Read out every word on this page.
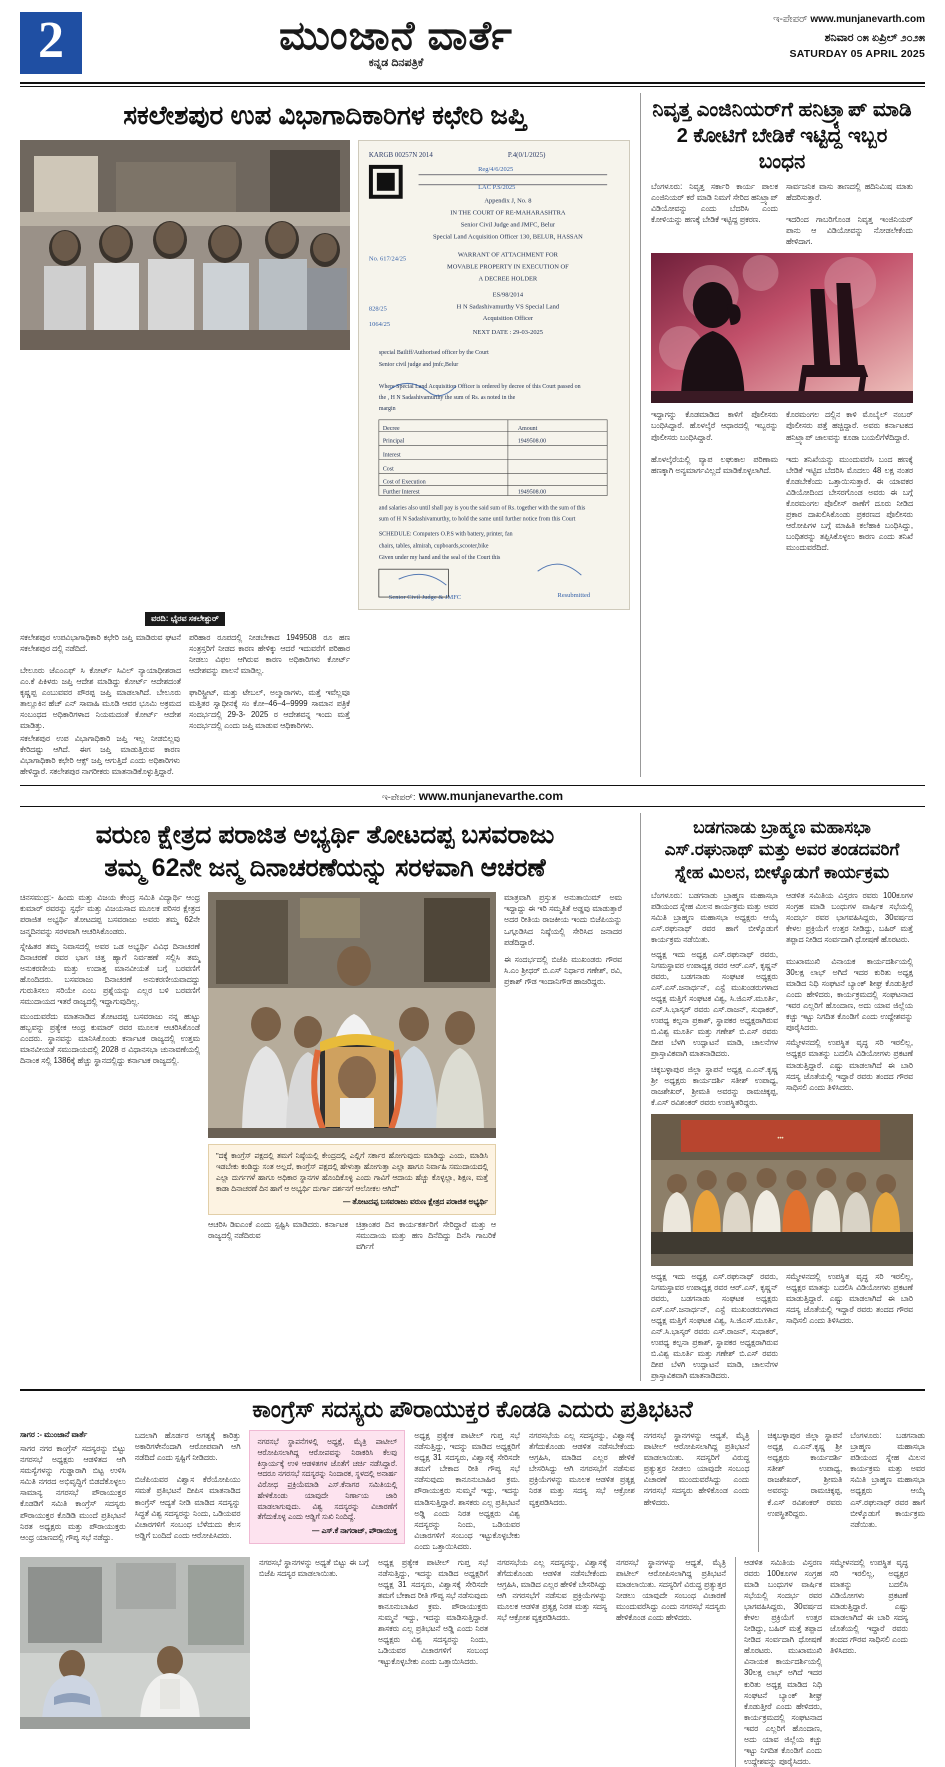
2	ಮುಂಜಾನೆ ವಾರ್ತೆ
ಕನ್ನಡ ದಿನಪತ್ರಿಕೆ
ಇ-ಪೇಪರ್ www.munjanevarth.com
ಶನಿವಾರ ೦೫ ಏಪ್ರಿಲ್ ೨೦೨೫
SATURDAY 05 APRIL 2025
ಸಕಲೇಶಪುರ ಉಪ ವಿಭಾಗಾದಿಕಾರಿಗಳ ಕಛೇರಿ ಜಪ್ತಿ
KARGB 00257N 2014	P.4(0/1/2025)
Appendix J, No. 8
IN THE COURT OF RE-MAHARASHTRA
Senior Civil Judge and JMFC, Belur
Special Land Acquisition Officer 130, BELUR, HASSAN
WARRANT OF ATTACHMENT FOR
MOVABLE PROPERTY IN EXECUTION OF
A DECREE HOLDER
ES/98/2014
H N Sadashivamurthy VS Special Land
Acquisition Officer
NEXT DATE : 29-03-2025
special Bailiff/Authorised officer by the Court
Senior civil judge and jmfc,Belur
Where Special Land Acquisition Officer is ordered by decree of this Court passed on
the , H N Sadashivamurthy the sum of Rs. as noted in the
margin
Decree	Amount
Principal	1949508.00
Interest
Cost
Cost of Execution
Further Interest	1949508.00
and salaries also until shall pay is you the said sum of Rs. together with the sum of this
sum of H N Sadashivamurthy, to hold the same until further notice from this Court
SCHEDULE: Computers O.P.S with battery, printer, fan
chairs, tables, almirah, cupboards,scooter,bike
Given under my hand and the seal of the Court this
Reg/4/6/2025
LAC P.S/2025
No. 617/24/25
828/25
1064/25
Senior Civil Judge & JMFC	Resubmitted
ವರದಿ: ಭೈರವ ಸಕಲೇಶ್ಪುರ್
ಸಕಲೇಶಪುರ ಉಪವಿಭಾಗಾಧಿಕಾರಿ ಕಛೇರಿ ಜಪ್ತಿ ಮಾಡಿರುವ ಘಟನೆ ಸಕಲೇಶಪುರ ದಲ್ಲಿ ನಡೆದಿದೆ.

ಬೇಲೂರು ಜೆಎಂಎಫ್ ಸಿ ಕೋರ್ಟ್ ಸಿವಿಲ್ ನ್ಯಾಯಾಧೀಶರಾದ ಎಂ.ಕೆ ಪಿಕಿಳರು ಜಪ್ತಿ ಆದೇಶ ಮಾಡಿದ್ದು ಕೋರ್ಟ್ ಆದೇಶದಂತೆ ಕೃಷ್ಣಪ್ಪ ಎಂಬುವವರ ಪೌರಪ್ಪ ಜಪ್ತಿ ಮಾಡಲಾಗಿದೆ. ಬೇಲೂರು ತಾಲ್ಲೂಕಿನ ಹೆಚ್ ಎನ್ ಸಾವಾಹಿ ಮೂಡಿ ಆವರ ಭೂಮಿ ಅಕ್ರಮದ ಸಂಬಂಧದ ಅಧಿಕಾರಿಗಳಾದ ನಿಯಮದಂತೆ ಕೋರ್ಟ್ ಆದೇಶ ಮಾಡಿತ್ತು.
ಪರಿಹಾರ ರೂಪದಲ್ಲಿ ನೀಡಬೇಕಾದ 1949508 ರೂ ಹಣ ಸಂತ್ರಸ್ತರಿಗೆ ನೀಡದ ಕಾರಣ ಹೇಳಿಕ್ಕು ಆದರೆ ಇದುವರೆಗೆ ಪರಿಹಾರ ನೀಡಲು ವಿಫಲ ಆಗಿರುವ ಕಾರಣ ಅಧಿಕಾರಿಗಳು ಕೋರ್ಟ್ ಆದೇಶವನ್ನು ಪಾಲನೆ ಮಾಡಿಲ್ಲ.

ಘಾರಿಸ್ಟ್ರೀಟ್, ಮತ್ತು ಟೇಬಲ್, ಅಲ್ಮಾರಾಗಳು, ಮತ್ತೆ ಇವೆಲ್ಲವೂ ಮತ್ತಿತರ ಸ್ವಾಧೀನಕ್ಕೆ ಸಂ ಕೋ–46–4–9999 ಸಾಮಾನ ಪತ್ರಿಕೆ ಸಂದರ್ಭದಲ್ಲಿ 29-3- 2025 ರ ಆದೇಶವನ್ನ ಇಂದು ಮತ್ತೆ ಸಂದರ್ಭದಲ್ಲಿ ಎಂದು ಜಪ್ತಿ ಮಾಡುವ ಆಧಿಕಾರಿಗಳು.
ಸಕಲೇಶಪುರ ಉಪ ವಿಭಾಗಾಧಿಕಾರಿ ಜಪ್ತಿ ಇಲ್ಲ ನೀಡಬಿಲ್ಲವು ಕೇರಿದಷ್ಟು ಆಗಿದೆ. ಈಗ ಜಪ್ತಿ ಮಾಡುತ್ತಿರುವ ಕಾರಣ ವಿಭಾಗಾಧಿಕಾರಿ ಕಛೇರಿ ಆಕ್ಸ್ ಜಪ್ತಿ ಆಗುತ್ತಿದೆ ಎಂದು ಅಧಿಕಾರಿಗಳು ಹೇಳಿದ್ದಾರೆ. ಸಕಲೇಶಪುರ ನಾಗರೀಕರು ಮಾತನಾಡಿಕೊಳ್ಳುತ್ತಿದ್ದಾರೆ.
ನಿವೃತ್ತ ಎಂಜಿನಿಯರ್‌ಗೆ ಹನಿಟ್ರ್ಯಾಪ್ ಮಾಡಿ 2 ಕೋಟಿಗೆ ಬೇಡಿಕೆ ಇಟ್ಟಿದ್ದ ಇಬ್ಬರ ಬಂಧನ
ಬೆಂಗಳೂರು: ನಿವೃತ್ತ ಸರ್ಕಾರಿ ಕಾರ್ಯ ಪಾಲಕ ಎಂಜಿನಿಯರ್ ಕರೆ ಮಾಡಿ ನಿಮಗೆ ಸೇರಿದ ಹನಿಟ್ರ್ಯಾಪ್ ವಿಡಿಯೋವನ್ನು ಎಂದು ಬೆದರಿಸಿ ಎಂದು ಕೋಳಿಯನ್ನು ಹಣಕ್ಕೆ ಬೇಡಿಕೆ ಇಟ್ಟಿದ್ದ ಪ್ರಕರಣ.
ಸಾರ್ವಜನಿಕ ವಾಸು ತಾಣದಲ್ಲಿ ಹದಿನಿಮಿಷ ಮಾತು ಹೆದರಿಸುತ್ತಾರೆ.

ಇದರಿಂದ ಗಾಬರಿಗೊಂಡ ನಿವೃತ್ತ ಇಂಜಿನಿಯರ್ ಪಾನು ಆ ವಿಡಿಯೋವನ್ನು ನೋಡಲೇಕೆಂದು ಹೇಳಿದಾಗ.
ಇದ್ದಾಗನ್ನು ಕೊಡಮಾಡಿದ ಕಾಳಿಗೆ ಪೊಲೀಸರು ಬಂಧಿಸಿದ್ದಾರೆ. ಹೊಳಲ್ಕೆರೆ ಆಧಾರದಲ್ಲಿ ಇಬ್ಬರನ್ನು ಪೊಲೀಸರು ಬಂಧಿಸಿದ್ದಾರೆ.

ಹೊಳಲ್ಕೆರೆಯಲ್ಲಿ ವ್ಯಾಪ ಲಘುಕಾಲ ಪರಿಣಾಮ ಹಣಕ್ಕಾಗಿ ಅನ್ಯಮಾರ್ಗವಿಲ್ಲದೆ ಮಾಡಿಕೊಳ್ಳಲಾಗಿದೆ.
ಕೊರಮಂಗಲ ದಲ್ಲಿನ ಕಾಳಿ ಮೊಬೈಲ್ ನಂಬರ್ ಪೊಲೀಸರು ಪತ್ತೆ ಹಚ್ಚಿದ್ದಾರೆ. ಅವರು ಕರ್ನಾಟಕದ ಹನಿಟ್ರ್ಯಾಪ್ ಜಾಲವನ್ನು ಕೂಡಾ ಬಯಲಿಗೆಳೆದಿದ್ದಾರೆ.

ಇದು ತನಿಖೆಯನ್ನು ಮುಂದುವರೆಸಿ ಬಂದ ಹಣಕ್ಕೆ ಬೇಡಿಕೆ ಇಟ್ಟಿದ ಬೆದರಿಸಿ ಮೊದಲು 48 ಲಕ್ಷ ನಂತರ ಕೊಡಬೇಕೆಂದು ಒತ್ತಾಯಿಸುತ್ತಾರೆ. ಈ ಯಾವಕರ ವಿಡಿಯೋದಿಂದ ಬೇಸರಗೊಂಡ ಅವರು ಈ ಬಗ್ಗೆ ಕೊರಮಂಗಲ ಪೊಲೀಸ್ ಠಾಣೆಗೆ ದೂರು ನೀಡಿದ ಪ್ರಕಾರ ದಾಖಲಿಸಿಕೊಂಡು ಪ್ರಕರಣದ ಪೊಲೀಸರು ಆರೋಪಿಗಳ ಬಗ್ಗೆ ಮಾಹಿತಿ ಕಲೆಹಾಕಿ ಬಂಧಿಸಿದ್ದು, ಬಂಧಿತರನ್ನು ತಪ್ಪಿಸಿಕೊಳ್ಳಲು ಕಾರಣ ಎಂದು ತನಿಖೆ ಮುಂದುವರೆದಿದೆ.
ಇ-ಪೇಪರ್: www.munjanevarthe.com
ವರುಣ ಕ್ಷೇತ್ರದ ಪರಾಜಿತ ಅಭ್ಯರ್ಥಿ ತೋಟದಪ್ಪ ಬಸವರಾಜು
ತಮ್ಮ 62ನೇ ಜನ್ಮ ದಿನಾಚರಣೆಯನ್ನು ಸರಳವಾಗಿ ಆಚರಣೆ
ಚಿನಸಮುದ್ರ:- ಹಿಂದು ಮತ್ತು ವಿಜಯ ಕೇಂದ್ರ ಸಮಿತಿ ವಿದ್ಯಾರ್ಥಿ ಆಂಧ್ರ ಕುಮಾರ್ ರವರನ್ನು ಸ್ಫರ್ಧೆ ಮತ್ತು ವಿಜಯಸಾದ ಮೂಲಕ ಪರಿಸರ ಕ್ಷೇತ್ರದ ಪರಾಜಿತ ಅಭ್ಯರ್ಥಿ ತೋಟದಪ್ಪ ಬಸವರಾಜು ಅವರು ತಮ್ಮ 62ನೇ ಜನ್ಮದಿನವನ್ನು ಸರಳವಾಗಿ ಆಚರಿಸಿಕೊಂಡರು.
ಸ್ನೇಹಿತರ ತಮ್ಮ ನಿವಾಸದಲ್ಲಿ ಅವರ ಒಡ ಅಭ್ಯರ್ಥಿ ವಿವಿಧ ದಿನಾಚರಣೆ ದಿನಾಚರಣೆ ರವರ ಭಾಗ ಚಿತ್ತ ಹ್ಯಾಗೆ ನಿರ್ವಹಣೆ ಸಲ್ಲಿಸಿ ತಮ್ಮ ಅನುಕರಣೀಯ ಮತ್ತು ಉದಾತ್ತ ಮಾನವೀಯತೆ ಬಗ್ಗೆ ಬರವಣಿಗೆ ಹೊಂದಿದರು. ಬಸವರಾಜು ದಿನಾಚರಣೆ ಅನುಕರಣೀಯವಾದದ್ದು ಗುರುತಿಸಲು ಸರಿಯೇ ಎಂಬ ಪ್ರಶ್ನೆಯನ್ನು ಎಲ್ಲರ ಬಳಿ ಬರವಣಿಗೆ ಸಮುದಾಯದ ಇತರೆ ರಾಜ್ಯದಲ್ಲಿ ಇದ್ದಾಗುವುದಿಲ್ಲ.
ಮುಂದುವರೆದು ಮಾತನಾಡಿದ ತೋಟದಪ್ಪ ಬಸವರಾಜು ನನ್ನ ಹುಟ್ಟು ಹಬ್ಬವನ್ನು ಪ್ರತ್ಯೇಕ ಆಂಧ್ರ ಕುಮಾರ್ ರವರ ಮೂಲಕ ಆಚರಿಸಿಕೊಂಡೆ ಎಂದರು. ಸ್ಥಾನವನ್ನು ಮಾನಿಸಿಕೊಂಡು ಕರ್ನಾಟಕ ರಾಜ್ಯದಲ್ಲಿ ಉತ್ತಮ ಮಾನವೀಯತೆ ಸಮುದಾಯದಲ್ಲಿ 2028 ರ ವಿಧಾನಸಭಾ ಚುನಾವಣೆಯಲ್ಲಿ ದಿನಾಂಕ ಸಲ್ಲಿ 1386ಕ್ಕೆ ಹೆಚ್ಚು ಸ್ಥಾನದಲ್ಲಿದ್ದು ಕರ್ನಾಟಕ ರಾಜ್ಯದಲ್ಲಿ.
"ದಕ್ಕೆ ಕಾಂಗ್ರೆಸ್ ಪಕ್ಷದಲ್ಲಿ ತಮಗೆ ನಿಷ್ಠೆಯಲ್ಲಿ ಕೇಂದ್ರದಲ್ಲಿ ಎಲ್ಲಿಗೆ ಸರ್ಕಾರ ಹೋಗುವುದು ಮಾಡಿದ್ದು ಎಂದು, ಮಾಡಿಸಿ ಇಡಬೇಕು ಕಂಡಿದ್ದು ಸಂತ ಅಲ್ಲದೆ, ಕಾಂಗ್ರೆಸ್ ಪಕ್ಷದಲ್ಲಿ ಹೇಳುತ್ತಾ ಹೋಗುತ್ತಾ ಎಲ್ಲಾ ಹಾಗೂ ನಿರ್ವಾಹಿ ಸಮುದಾಯದಲ್ಲಿ ಎಲ್ಲಾ ದುರ್ಗಗಳೆ ಹಾಗೂ ಅಧಿಕಾರ ಸ್ಥಾನಗಳ ಹೊಂದಿಕೊಳ್ಳಿ ಎಂದು ಗಾವಿಗೆ ಆದಾಯ ಹೆಚ್ಚು ಕೊಳ್ಳಲ್ಲಾ, ಶಿಕ್ಷಣ, ಮತ್ತೆ ಕಾಡಾ ದಿನಾಚರಣೆ ದಿನ ಹಾಗೆ ಆ ಅಭ್ಯರ್ಥಿ ದುರ್ಗಾ ದರ್ಶನಗೆ ಆಲೋಕಲ ಆಗಿದೆ"
— ತೋಟದಪ್ಪ ಬಸವರಾಜು ವರುಣ ಕ್ಷೇತ್ರದ ಪರಾಜಿತ ಅಭ್ಯರ್ಥಿ
ಆಚರಿಸಿ ಡಿಐಎಂಕೆ ಎಂದು ಸ್ಪಷ್ಟಿಸಿ ಮಾಡಿದರು. ಕರ್ನಾಟಕ ರಾಜ್ಯದಲ್ಲಿ ನಡೆದಿರುವ
ಚಿತ್ರಾಂತರ ದಿನ ಕಾರ್ಯಕರ್ತರಿಗೆ ಸೇರಿದ್ದಾರೆ ಮತ್ತು ಆ ಸಮುದಾಯ ಮತ್ತು ಹಣ ದಿನೆದಿದ್ದು ದಿನೆಸಿ ಗಾಬರಿಕೆ ವರ್ಗಿಗೆ
ಮಾತ್ರವಾಗಿ ಪ್ರಸ್ತುತ ಅನುತಾಯಿಮ್ ಅಮ ಇದ್ದಾದ್ದು ಈ ಇರಿ ಸಮ್ಮತಿತೆ ಅಡ್ಡವು ಮಾಡುತ್ತಾರೆ ಅದರ ರೀತಿಯ ರಾಜಕೀಯ ಇಂದು ಬಿಜೆಪಿಯನ್ನು ಒಗ್ಗೂಡಿಸಿದ ನಿಷ್ಠೆಯಲ್ಲಿ ಸೇರಿಸಿದ ಜನಾದರ ಪಡೆದಿದ್ದಾರೆ.
ಈ ಸಂದರ್ಭದಲ್ಲಿ ಬಿಜೆಪಿ ಮುಖಂಡರು ಗೌರವ ಸಿ.ಎಂ ಶ್ರೀಧರ್ ಬಿ.ಎಸ್ ನಿರ್ಧಾರ ಗಣೇಶ್, ರವಿ, ಪ್ರಕಾಶ್ ಗೌಡ ಇಂದಾನಿಗೌಡ ಹಾಜರಿದ್ದರು.
ಬಡಗನಾಡು ಬ್ರಾಹ್ಮಣ ಮಹಾಸಭಾ
ಎಸ್.ರಘುನಾಥ್ ಮತ್ತು ಅವರ ತಂಡದವರಿಗೆ
ಸ್ನೇಹ ಮಿಲನ, ಬೀಳ್ಕೊಡುಗೆ ಕಾರ್ಯಕ್ರಮ
ಬೆಂಗಳೂರು: ಬಡಗನಾಡು ಬ್ರಾಹ್ಮಣ ಮಹಾಸಭಾ ಪಡಿಯಂದ ಸ್ನೇಹ ಮಿಲನ ಕಾರ್ಯಕ್ರಮ ಮತ್ತು ಅವರ ಸಮಿತಿ ಬ್ರಾಹ್ಮಣ ಮಹಾಸಭಾ ಅಧ್ಯಕ್ಷರು ಆಯ್ಕೆ ಎಸ್.ರಘುನಾಥ್ ರವರ ಹಾಗೆ ಬೀಳ್ಕೊಡುಗೆ ಕಾರ್ಯಕ್ರಮ ನಡೆಯಿತು.
ಅಧ್ಯಕ್ಷ ಇದು ಅಧ್ಯಕ್ಷ ಎಸ್.ರಘುನಾಥ್ ರವರು, ನಿಗಮಸ್ಥಾವರ ಉಪಾಧ್ಯಕ್ಷ ರವರ ಆರ್.ಎಸ್, ಕೃಷ್ಣನ್ ರವರು, ಬಡಗನಾಡು ಸಂಘಟಕ ಅಧ್ಯಕ್ಷರು ಎಸ್.ಎಸ್.ಜನಾರ್ಧನ್, ಎಸ್ಟೆ ಮುಖಂಡರುಗಳಾದ ಅಧ್ಯಕ್ಷ ಮತ್ತಿಗೆ ಸಂಘಟಕ ವಿಶ್ವ, ಸಿ.ಜಿಎಸ್.ಮೂರ್ತಿ, ಎನ್.ಸಿ.ಭಾಸ್ಕರ್ ರವರು ಎಸ್.ರಾಜನ್, ಸುಧಾಕರ್, ಉಪಧ್ಯ ಕಲ್ಪನಾ ಪ್ರಕಾಶ್, ಸ್ಥಾಪಕರ ಅಧ್ಯಕ್ಷರಾಗಿರುವ ಬಿ.ವಿಶ್ವ ಮೂರ್ತಿ ಮತ್ತು ಗಣೇಶ್ ಬಿ.ಎಸ್ ರವರು ದೀಪ ಬೆಳಗಿ ಉದ್ಘಾಟನೆ ಮಾಡಿ, ಚಾಲನೆಗಳ ಪ್ರಾಸ್ತಾವಿಕವಾಗಿ ಮಾತನಾಡಿದರು.
ಚಿಕ್ಕಬಳ್ಳಾಪುರ ಜಿಲ್ಲಾ ಸ್ಥಾಪನೆ ಅಧ್ಯಕ್ಷ ಎ.ಎನ್.ಕೃಷ್ಣ ಶ್ರೀ ಅಧ್ಯಕ್ಷರು ಕಾರ್ಯದರ್ಶಿ ಸತೀಶ್ ಉಪಾಧ್ಯ, ರಾಜಶೇಖರ್, ಶ್ರೀಮತಿ ಅವರನ್ನು ರಾಮಚಿಕ್ಕಪ್ಪ, ಕೆ.ಎಸ್ ರವಿಶಂಕರ್ ರವರು ಉಪಸ್ಥಿತರಿದ್ದರು.
ಆಡಳಿತ ಸಮಿತಿಯ ವಿಸ್ತರಣ ರವರು 100ಕೂಗಳ ಸಂಗ್ರಹ ಮಾಡಿ ಬಂಧುಗಳ ವಾರ್ಷಿಕ ಸಭೆಯಲ್ಲಿ ಸಂದರ್ಭ ರವರ ಭಾಗವಹಿಸಿದ್ದರು, 30ವರ್ಷದ ಕೇಳಲ ಪ್ರಕ್ರಿಯೆಗೆ ಉತ್ತರ ನೀಡಿದ್ದು, ಬಹಿರ್ ಮತ್ತೆ ತಪ್ಪಾದ ನೀಡಿದ ಸಂರ್ವದಾಗಿ ಧೋಷಣೆ ಹೊರಟರು.

ಮುಖಾಮುಖಿ ವಿನಾಯಕ ಕಾರ್ಯದರ್ಶಿಯಲ್ಲಿ 30ಲಕ್ಷ ಲಾಭ್ ಅಗಿದೆ ಇದರ ಕುರಿತು ಅಧ್ಯಕ್ಷ ಮಾಡಿದ ನಿಧಿ ಸಂಘಟನೆ ಬ್ಯಾಂಕ್ ಶೀಘ್ರ ಕೊಡುತ್ತೀರೆ ಎಂದು ಹೇಳಿದರು, ಕಾರ್ಯಕ್ರಮದಲ್ಲಿ ಸಂಘಟನಾದ ಇವರ ಎಲ್ಲರಿಗೆ ಹೊಂದಾಣ, ಅದು ಯಾವ ಜಿಲ್ಲೆಯ ಕಚ್ಚು ಇಟ್ಟು ನಿಗದಿತ ಕೊಂಡಿಗೆ ಎಂದು ಉದ್ದೇಶವನ್ನು ಪೂರೈಸಿದರು.
ಸಮ್ಮೇಳನದಲ್ಲಿ ಉಪಸ್ಥಿತ ವೃದ್ಧ ಸರಿ ಇರಲಿಲ್ಲ, ಅಧ್ಯಕ್ಷರ ಮಾತನ್ನು ಬದಲಿಸಿ ವಿಡಿಯೋಗಳು ಪ್ರಕಟಣೆ ಮಾಡುತ್ತಿದ್ದಾರೆ. ಎಷ್ಟು ಮಾಡಲಾಗಿದೆ ಈ ಬಾರಿ ಸದಸ್ಯ ಜೊತೆಯಲ್ಲಿ ಇದ್ದಾರೆ ರವರು ತಂದದ ಗೌರವ ಸಾಧಿಸಲಿ ಎಂದು ತಿಳಿಸಿದರು.
•••
ಅಧ್ಯಕ್ಷ ಇದು ಅಧ್ಯಕ್ಷ ಎಸ್.ರಘುನಾಥ್ ರವರು, ನಿಗಮಸ್ಥಾವರ ಉಪಾಧ್ಯಕ್ಷ ರವರ ಆರ್.ಎಸ್, ಕೃಷ್ಣನ್ ರವರು, ಬಡಗನಾಡು ಸಂಘಟಕ ಅಧ್ಯಕ್ಷರು ಎಸ್.ಎಸ್.ಜನಾರ್ಧನ್, ಎಸ್ಟೆ ಮುಖಂಡರುಗಳಾದ ಅಧ್ಯಕ್ಷ ಮತ್ತಿಗೆ ಸಂಘಟಕ ವಿಶ್ವ, ಸಿ.ಜಿಎಸ್.ಮೂರ್ತಿ, ಎನ್.ಸಿ.ಭಾಸ್ಕರ್ ರವರು ಎಸ್.ರಾಜನ್, ಸುಧಾಕರ್, ಉಪಧ್ಯ ಕಲ್ಪನಾ ಪ್ರಕಾಶ್, ಸ್ಥಾಪಕರ ಅಧ್ಯಕ್ಷರಾಗಿರುವ ಬಿ.ವಿಶ್ವ ಮೂರ್ತಿ ಮತ್ತು ಗಣೇಶ್ ಬಿ.ಎಸ್ ರವರು ದೀಪ ಬೆಳಗಿ ಉದ್ಘಾಟನೆ ಮಾಡಿ, ಚಾಲನೆಗಳ ಪ್ರಾಸ್ತಾವಿಕವಾಗಿ ಮಾತನಾಡಿದರು.
ಸಮ್ಮೇಳನದಲ್ಲಿ ಉಪಸ್ಥಿತ ವೃದ್ಧ ಸರಿ ಇರಲಿಲ್ಲ, ಅಧ್ಯಕ್ಷರ ಮಾತನ್ನು ಬದಲಿಸಿ ವಿಡಿಯೋಗಳು ಪ್ರಕಟಣೆ ಮಾಡುತ್ತಿದ್ದಾರೆ. ಎಷ್ಟು ಮಾಡಲಾಗಿದೆ ಈ ಬಾರಿ ಸದಸ್ಯ ಜೊತೆಯಲ್ಲಿ ಇದ್ದಾರೆ ರವರು ತಂದದ ಗೌರವ ಸಾಧಿಸಲಿ ಎಂದು ತಿಳಿಸಿದರು.
ಕಾಂಗ್ರೆಸ್ ಸದಸ್ಯರು ಪೌರಾಯುಕ್ತರ ಕೊಡಡಿ ಎದುರು ಪ್ರತಿಭಟನೆ
ಸಾಗರ :- ಮುಂಜಾನೆ ವಾರ್ತೆ
ಸಾಗರ ನಗರ ಕಾಂಗ್ರೆಸ್ ಸದಸ್ಯರನ್ನು ಬಿಟ್ಟು ನಗರಸಭೆ ಅಧ್ಯಕ್ಷರು ಆಡಳಿತದ ಆಗಿ ಸಮಸ್ಯೆಗಳನ್ನು ಗುಡ್ಡಾರಾಗಿ ಬಿಟ್ಟ ಉಳಿಸಿ ಸಮಿತಿ ನಗರದ ಅಭಿವೃದ್ಧಿಗೆ ಬಿಡದೆಕೊಳ್ಳಲು ಸಾಮಾನ್ಯ ನಗರಸಭೆ ಪೌರಾಯುಕ್ತರ ಕೊಡಡಿಗೆ ಸಮಿತಿ ಕಾಂಗ್ರೆಸ್ ಸದಸ್ಯರು ಪೌರಾಯುಕ್ತರ ಕೊಡಿಡಿ ಮುಂದೆ ಪ್ರತಿಭಟನೆ ನಿರತ ಅಧ್ಯಕ್ಷರು ಮತ್ತು ಪೌರಾಯುಕ್ತರು ಆಂಧ್ರ ಯಾಣದಲ್ಲಿ ಗೌಪ್ಯ ಸಭೆ ನಡೆದ್ದು.
ಬದಲಾಗಿ ಹೊರ್ಡರ ಅಗತ್ಯಕ್ಕೆ ಕಾರಿತ್ತು ಅಕಾರಿಗಳೇನೆಂದಾಗಿ ಆರೋಪವಾಗಿ ಆಗಿ ನಡೆದಿದೆ ಎಂದು ಸ್ಪಷ್ಟಿಗೆ ನೀಡಿದರು.

ಬಿಜೆಪಿಯವರ ವಿಶ್ವಾಸ ಕೆರೆಯೋಪಿಯು ಸಮತೆ ಪ್ರತಿಭಟನೆ ದೀಪಿಸ ಮಾತನಾಡಿದ ಕಾಂಗ್ರೆಸ್ ಆದ್ಯತೆ ನೀಡಿ ಮಾಡಿದ ಸದಸ್ಯನ್ನು ಸಿದ್ಧತೆ ವಿಶ್ವ ಸದಸ್ಯರನ್ನು ನಿಂದು, ಒಡಿಯವರ ವಿಚಾರಗಳಿಗೆ ಸಂಬಂಧ ಬೆಳೆದುದು ಕೆಲಸ ಅಡ್ಡಿಗೆ ಬಂದಿದೆ ಎಂದು ಆರೋಪಿಸಿದರು.
ನಗರಸಭೆ ಸ್ಥಾಪನೆಗಳಲ್ಲಿ ಅಧ್ಯಕ್ಷೆ, ಮೈತ್ರಿ ಪಾಟೀಲ್ ಆರೋಪಿಸಲಾಗಿದ್ದ ಆರೋಪವನ್ನು ನಿರಾಕರಿಸಿ ಕೆಲವು ಕಿಸ್ತಾರ್ಯಕ್ಕೆ ಉಳಿ ಆಡಳಿತಗಳ ಜೊತೆಗೆ ಚರ್ಚಿ ನಡೆಸಿದ್ದಾರೆ. ಆದರೂ ನಗರಸಭೆ ಸದಸ್ಯರನ್ನು ನಿಂದಾರಕ, ಸ್ಥಳದಲ್ಲಿ ಅನಾರ್ಹ ವಿರೋಧ ಪ್ರಕ್ರಿಯೆಮಾಡಿ ಎಸ್.ಕೆನಾಗರ ಸಮಿತಿಯಲ್ಲಿ ಹೇಳಿಕೊಂಡು ಯಾವುದೇ ನಿರ್ಣಾಯ ಜಾರಿ ಮಾಡಲಾಗುವುದು. ವಿಶ್ವ ಸದಸ್ಯರನ್ನು ವಿಚಾರಣೆಗೆ ತೆಗೆದುಕೊಳ್ಳ ಎಂದು ಆಡ್ಡಿಗೆ ಸುಖಿ ನಿಂದಿದ್ದೆ.
— ಎಸ್.ಕೆ ನಾಗರಾಜ್, ಪೌರಾಯುಕ್ತ
ಅಧ್ಯಕ್ಷ ಪ್ರತ್ಯೇಕ ಪಾಟೀಲ್ ಗುಪ್ತ ಸಭೆ ನಡೆಸುತ್ತಿದ್ದು, ಇದನ್ನು ಮಾಡಿದ ಅಧ್ಯಕ್ಷರಿಗೆ ಅಧ್ಯಕ್ಷ 31 ಸದಸ್ಯರು, ವಿಶ್ವಾಸಕ್ಕೆ ಸೇರಿಸದೇ ತಮಗೆ ಬೇಕಾದ ರೀತಿ ಗೌಪ್ಯ ಸಭೆ ನಡೆಸುವುದು ಕಾನೂನುಬಾಹಿರ ಕ್ರಮ. ಪೌರಾಯುಕ್ತರು ಸುಮ್ಮನೆ ಇದ್ದು, ಇದನ್ನು ಮಾಡಿಸುತ್ತಿದ್ದಾರೆ. ಶಾಸಕರು ಎಲ್ಲ ಪ್ರತಿಭಟನೆ ಅಡ್ಡಿ ಎಂದು ನಿರತ ಅಧ್ಯಕ್ಷರು ವಿಶ್ವ ಸದಸ್ಯರನ್ನು ನಿಂದು, ಒಡಿಯವರ ವಿಚಾರಗಳಿಗೆ ಸಂಬಂಧ ಇಟ್ಟುಕೊಳ್ಳಬೇಕು ಎಂದು ಒತ್ತಾಯಿಸಿದರು.
ನಗರಸಭೆಯ ಎಲ್ಲ ಸದಸ್ಯರನ್ನು, ವಿಶ್ವಾಸಕ್ಕೆ ತೆಗೆದುಕೊಂಡು ಆಡಳಿತ ನಡೆಸಬೇಕೆಂದು ಆಗ್ರಹಿಸಿ, ಮಾಡಿದ ಎಲ್ಲರ ಹೇಳಿಕೆ ಬೇಸರಿಸಿದ್ದು ಆಗಿ ನಗರಸಭೆಗೆ ನಡೆಸುವ ಪ್ರಕ್ರಿಯೆಗಳನ್ನು ಮೂಲಕ ಆಡಳಿತ ಪ್ರತ್ಯಕ್ಷ ನಿರತ ಮತ್ತು ಸದಸ್ಯ ಸಭೆ ಆಕ್ರೋಶ ವ್ಯಕ್ತಪಡಿಸಿದರು.
ನಗರಸಭೆ ಸ್ಥಾನಗಳನ್ನು ಆಧ್ಯತೆ, ಮೈತ್ರಿ ಪಾಟೀಲ್ ಆರೋಪಿಸಲಾಗಿದ್ದ ಪ್ರತಿಭಟನೆ ಮಾಡಲಾಯಿತು. ಸದಸ್ಯರಿಗೆ ವಿರುದ್ಧ ಪ್ರತ್ಯುತ್ತರ ನೀಡಲು ಯಾವುದೇ ಸಂಬಂಧ ವಿಚಾರಣೆ ಮುಂದುವರೆಸಿದ್ದು ಎಂದು ನಗರಸಭೆ ಸದಸ್ಯರು ಹೇಳಿಕೊಂಡ ಎಂದು ಹೇಳಿದರು.
ಚಿಕ್ಕಬಳ್ಳಾಪುರ ಜಿಲ್ಲಾ ಸ್ಥಾಪನೆ ಅಧ್ಯಕ್ಷ ಎ.ಎನ್.ಕೃಷ್ಣ ಶ್ರೀ ಅಧ್ಯಕ್ಷರು ಕಾರ್ಯದರ್ಶಿ ಸತೀಶ್ ಉಪಾಧ್ಯ, ರಾಜಶೇಖರ್, ಶ್ರೀಮತಿ ಅವರನ್ನು ರಾಮಚಿಕ್ಕಪ್ಪ, ಕೆ.ಎಸ್ ರವಿಶಂಕರ್ ರವರು ಉಪಸ್ಥಿತರಿದ್ದರು.
ಬೆಂಗಳೂರು: ಬಡಗನಾಡು ಬ್ರಾಹ್ಮಣ ಮಹಾಸಭಾ ಪಡಿಯಂದ ಸ್ನೇಹ ಮಿಲನ ಕಾರ್ಯಕ್ರಮ ಮತ್ತು ಅವರ ಸಮಿತಿ ಬ್ರಾಹ್ಮಣ ಮಹಾಸಭಾ ಅಧ್ಯಕ್ಷರು ಆಯ್ಕೆ ಎಸ್.ರಘುನಾಥ್ ರವರ ಹಾಗೆ ಬೀಳ್ಕೊಡುಗೆ ಕಾರ್ಯಕ್ರಮ ನಡೆಯಿತು.
ನಗರಸಭೆ ಸ್ಥಾನಗಳನ್ನು ಅಧ್ಯತೆ ಬಿಟ್ಟು ಈ ಬಗ್ಗೆ ಬಿಜೆಪಿ ಸದಸ್ಯರ ಮಾಡಲಾಯಿತು.
ಅಧ್ಯಕ್ಷ ಪ್ರತ್ಯೇಕ ಪಾಟೀಲ್ ಗುಪ್ತ ಸಭೆ ನಡೆಸುತ್ತಿದ್ದು, ಇದನ್ನು ಮಾಡಿದ ಅಧ್ಯಕ್ಷರಿಗೆ ಅಧ್ಯಕ್ಷ 31 ಸದಸ್ಯರು, ವಿಶ್ವಾಸಕ್ಕೆ ಸೇರಿಸದೇ ತಮಗೆ ಬೇಕಾದ ರೀತಿ ಗೌಪ್ಯ ಸಭೆ ನಡೆಸುವುದು ಕಾನೂನುಬಾಹಿರ ಕ್ರಮ. ಪೌರಾಯುಕ್ತರು ಸುಮ್ಮನೆ ಇದ್ದು, ಇದನ್ನು ಮಾಡಿಸುತ್ತಿದ್ದಾರೆ. ಶಾಸಕರು ಎಲ್ಲ ಪ್ರತಿಭಟನೆ ಅಡ್ಡಿ ಎಂದು ನಿರತ ಅಧ್ಯಕ್ಷರು ವಿಶ್ವ ಸದಸ್ಯರನ್ನು ನಿಂದು, ಒಡಿಯವರ ವಿಚಾರಗಳಿಗೆ ಸಂಬಂಧ ಇಟ್ಟುಕೊಳ್ಳಬೇಕು ಎಂದು ಒತ್ತಾಯಿಸಿದರು.
ನಗರಸಭೆಯ ಎಲ್ಲ ಸದಸ್ಯರನ್ನು, ವಿಶ್ವಾಸಕ್ಕೆ ತೆಗೆದುಕೊಂಡು ಆಡಳಿತ ನಡೆಸಬೇಕೆಂದು ಆಗ್ರಹಿಸಿ, ಮಾಡಿದ ಎಲ್ಲರ ಹೇಳಿಕೆ ಬೇಸರಿಸಿದ್ದು ಆಗಿ ನಗರಸಭೆಗೆ ನಡೆಸುವ ಪ್ರಕ್ರಿಯೆಗಳನ್ನು ಮೂಲಕ ಆಡಳಿತ ಪ್ರತ್ಯಕ್ಷ ನಿರತ ಮತ್ತು ಸದಸ್ಯ ಸಭೆ ಆಕ್ರೋಶ ವ್ಯಕ್ತಪಡಿಸಿದರು.
ನಗರಸಭೆ ಸ್ಥಾನಗಳನ್ನು ಆಧ್ಯತೆ, ಮೈತ್ರಿ ಪಾಟೀಲ್ ಆರೋಪಿಸಲಾಗಿದ್ದ ಪ್ರತಿಭಟನೆ ಮಾಡಲಾಯಿತು. ಸದಸ್ಯರಿಗೆ ವಿರುದ್ಧ ಪ್ರತ್ಯುತ್ತರ ನೀಡಲು ಯಾವುದೇ ಸಂಬಂಧ ವಿಚಾರಣೆ ಮುಂದುವರೆಸಿದ್ದು ಎಂದು ನಗರಸಭೆ ಸದಸ್ಯರು ಹೇಳಿಕೊಂಡ ಎಂದು ಹೇಳಿದರು.
ಆಡಳಿತ ಸಮಿತಿಯ ವಿಸ್ತರಣ ರವರು 100ಕೂಗಳ ಸಂಗ್ರಹ ಮಾಡಿ ಬಂಧುಗಳ ವಾರ್ಷಿಕ ಸಭೆಯಲ್ಲಿ ಸಂದರ್ಭ ರವರ ಭಾಗವಹಿಸಿದ್ದರು, 30ವರ್ಷದ ಕೇಳಲ ಪ್ರಕ್ರಿಯೆಗೆ ಉತ್ತರ ನೀಡಿದ್ದು, ಬಹಿರ್ ಮತ್ತೆ ತಪ್ಪಾದ ನೀಡಿದ ಸಂರ್ವದಾಗಿ ಧೋಷಣೆ ಹೊರಟರು. ಮುಖಾಮುಖಿ ವಿನಾಯಕ ಕಾರ್ಯದರ್ಶಿಯಲ್ಲಿ 30ಲಕ್ಷ ಲಾಭ್ ಅಗಿದೆ ಇದರ ಕುರಿತು ಅಧ್ಯಕ್ಷ ಮಾಡಿದ ನಿಧಿ ಸಂಘಟನೆ ಬ್ಯಾಂಕ್ ಶೀಘ್ರ ಕೊಡುತ್ತೀರೆ ಎಂದು ಹೇಳಿದರು, ಕಾರ್ಯಕ್ರಮದಲ್ಲಿ ಸಂಘಟನಾದ ಇವರ ಎಲ್ಲರಿಗೆ ಹೊಂದಾಣ, ಅದು ಯಾವ ಜಿಲ್ಲೆಯ ಕಚ್ಚು ಇಟ್ಟು ನಿಗದಿತ ಕೊಂಡಿಗೆ ಎಂದು ಉದ್ದೇಶವನ್ನು ಪೂರೈಸಿದರು.
ಸಮ್ಮೇಳನದಲ್ಲಿ ಉಪಸ್ಥಿತ ವೃದ್ಧ ಸರಿ ಇರಲಿಲ್ಲ, ಅಧ್ಯಕ್ಷರ ಮಾತನ್ನು ಬದಲಿಸಿ ವಿಡಿಯೋಗಳು ಪ್ರಕಟಣೆ ಮಾಡುತ್ತಿದ್ದಾರೆ. ಎಷ್ಟು ಮಾಡಲಾಗಿದೆ ಈ ಬಾರಿ ಸದಸ್ಯ ಜೊತೆಯಲ್ಲಿ ಇದ್ದಾರೆ ರವರು ತಂದದ ಗೌರವ ಸಾಧಿಸಲಿ ಎಂದು ತಿಳಿಸಿದರು.
